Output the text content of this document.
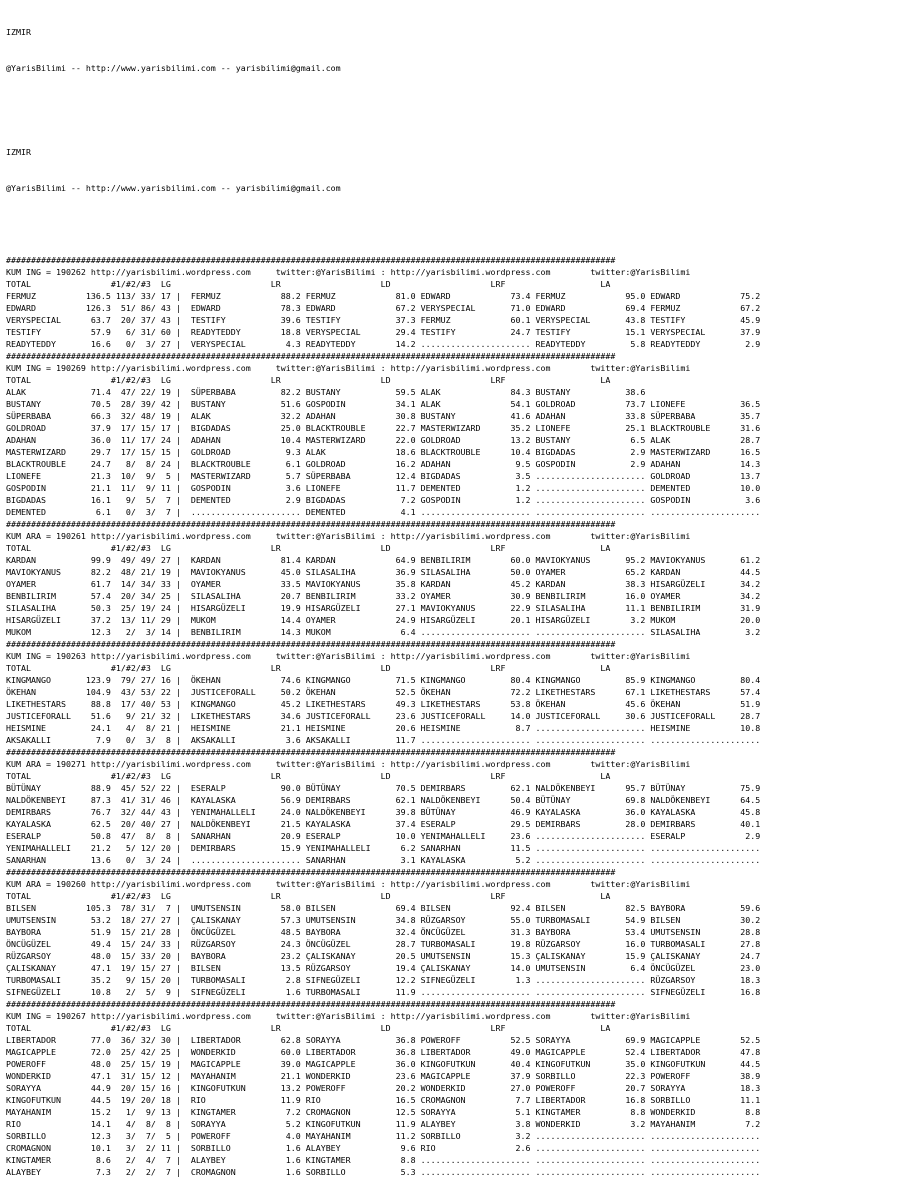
IZMIR

@YarisBilimi -- http://www.yarisbilimi.com -- yarisbilimi@gmail.com

IZMIR

@YarisBilimi -- http://www.yarisbilimi.com -- yarisbilimi@gmail.com

##########################################################################################################################
KUM ING = 190262 http://yarisbilimi.wordpress.com     twitter:@YarisBilimi : http://yarisbilimi.wordpress.com        twitter:@YarisBilimi
TOTAL                #1/#2/#3  LG                    LR                    LD                    LRF                   LA
FERMUZ          136.5 113/ 33/ 17 |  FERMUZ            88.2 FERMUZ            81.0 EDWARD            73.4 FERMUZ            95.0 EDWARD            75.2
EDWARD          126.3  51/ 86/ 43 |  EDWARD            78.3 EDWARD            67.2 VERYSPECIAL       71.0 EDWARD            69.4 FERMUZ            67.2
VERYSPECIAL      63.7  20/ 37/ 43 |  TESTIFY           39.6 TESTIFY           37.3 FERMUZ            60.1 VERYSPECIAL       43.8 TESTIFY           45.9
TESTIFY          57.9   6/ 31/ 60 |  READYTEDDY        18.8 VERYSPECIAL       29.4 TESTIFY           24.7 TESTIFY           15.1 VERYSPECIAL       37.9
READYTEDDY       16.6   0/  3/ 27 |  VERYSPECIAL        4.3 READYTEDDY        14.2 ...................... READYTEDDY         5.8 READYTEDDY         2.9
##########################################################################################################################
KUM ING = 190269 http://yarisbilimi.wordpress.com     twitter:@YarisBilimi : http://yarisbilimi.wordpress.com        twitter:@YarisBilimi
TOTAL                #1/#2/#3  LG                    LR                    LD                    LRF                   LA
ALAK             71.4  47/ 22/ 19 |  SÜPERBABA         82.2 BUSTANY           59.5 ALAK              84.3 BUSTANY           38.6
BUSTANY          70.5  28/ 39/ 42 |  BUSTANY           51.6 GOSPODIN          34.1 ALAK              54.1 GOLDROAD          73.7 LIONEFE           36.5
SÜPERBABA        66.3  32/ 48/ 19 |  ALAK              32.2 ADAHAN            30.8 BUSTANY           41.6 ADAHAN            33.8 SÜPERBABA         35.7
GOLDROAD         37.9  17/ 15/ 17 |  BIGDADAS          25.0 BLACKTROUBLE      22.7 MASTERWIZARD      35.2 LIONEFE           25.1 BLACKTROUBLE      31.6
ADAHAN           36.0  11/ 17/ 24 |  ADAHAN            10.4 MASTERWIZARD      22.0 GOLDROAD          13.2 BUSTANY            6.5 ALAK              28.7
MASTERWIZARD     29.7  17/ 15/ 15 |  GOLDROAD           9.3 ALAK              18.6 BLACKTROUBLE      10.4 BIGDADAS           2.9 MASTERWIZARD      16.5
BLACKTROUBLE     24.7   8/  8/ 24 |  BLACKTROUBLE       6.1 GOLDROAD          16.2 ADAHAN             9.5 GOSPODIN           2.9 ADAHAN            14.3
LIONEFE          21.3  10/  9/  5 |  MASTERWIZARD       5.7 SÜPERBABA         12.4 BIGDADAS           3.5 ...................... GOLDROAD          13.7
GOSPODIN         21.1  11/  9/ 11 |  GOSPODIN           3.6 LIONEFE           11.7 DEMENTED           1.2 ...................... DEMENTED          10.0
BIGDADAS         16.1   9/  5/  7 |  DEMENTED           2.9 BIGDADAS           7.2 GOSPODIN           1.2 ...................... GOSPODIN           3.6
DEMENTED          6.1   0/  3/  7 |  ...................... DEMENTED           4.1 ...................... ...................... ......................
##########################################################################################################################
KUM ARA = 190261 http://yarisbilimi.wordpress.com     twitter:@YarisBilimi : http://yarisbilimi.wordpress.com        twitter:@YarisBilimi
TOTAL                #1/#2/#3  LG                    LR                    LD                    LRF                   LA
KARDAN           99.9  49/ 49/ 27 |  KARDAN            81.4 KARDAN            64.9 BENBILIRIM        60.0 MAVIOKYANUS       95.2 MAVIOKYANUS       61.2
MAVIOKYANUS      82.2  48/ 21/ 19 |  MAVIOKYANUS       45.0 SILASALIHA        36.9 SILASALIHA        50.0 OYAMER            65.2 KARDAN            44.5
OYAMER           61.7  14/ 34/ 33 |  OYAMER            33.5 MAVIOKYANUS       35.8 KARDAN            45.2 KARDAN            38.3 HISARGÜZELI       34.2
BENBILIRIM       57.4  20/ 34/ 25 |  SILASALIHA        20.7 BENBILIRIM        33.2 OYAMER            30.9 BENBILIRIM        16.0 OYAMER            34.2
SILASALIHA       50.3  25/ 19/ 24 |  HISARGÜZELI       19.9 HISARGÜZELI       27.1 MAVIOKYANUS       22.9 SILASALIHA        11.1 BENBILIRIM        31.9
HISARGÜZELI      37.2  13/ 11/ 29 |  MUKOM             14.4 OYAMER            24.9 HISARGÜZELI       20.1 HISARGÜZELI        3.2 MUKOM             20.0
MUKOM            12.3   2/  3/ 14 |  BENBILIRIM        14.3 MUKOM              6.4 ...................... ...................... SILASALIHA         3.2
##########################################################################################################################
KUM ING = 190263 http://yarisbilimi.wordpress.com     twitter:@YarisBilimi : http://yarisbilimi.wordpress.com        twitter:@YarisBilimi
TOTAL                #1/#2/#3  LG                    LR                    LD                    LRF                   LA
KINGMANGO       123.9  79/ 27/ 16 |  ÖKEHAN            74.6 KINGMANGO         71.5 KINGMANGO         80.4 KINGMANGO         85.9 KINGMANGO         80.4
ÖKEHAN          104.9  43/ 53/ 22 |  JUSTICEFORALL     50.2 ÖKEHAN            52.5 ÖKEHAN            72.2 LIKETHESTARS      67.1 LIKETHESTARS      57.4
LIKETHESTARS     88.8  17/ 40/ 53 |  KINGMANGO         45.2 LIKETHESTARS      49.3 LIKETHESTARS      53.8 ÖKEHAN            45.6 ÖKEHAN            51.9
JUSTICEFORALL    51.6   9/ 21/ 32 |  LIKETHESTARS      34.6 JUSTICEFORALL     23.6 JUSTICEFORALL     14.0 JUSTICEFORALL     30.6 JUSTICEFORALL     28.7
HEISMINE         24.1   4/  8/ 21 |  HEISMINE          21.1 HEISMINE          20.6 HEISMINE           8.7 ...................... HEISMINE          10.8
AKSAKALLI         7.9   0/  3/  8 |  AKSAKALLI          3.6 AKSAKALLI         11.7 ...................... ...................... ......................
##########################################################################################################################
KUM ARA = 190271 http://yarisbilimi.wordpress.com     twitter:@YarisBilimi : http://yarisbilimi.wordpress.com        twitter:@YarisBilimi
TOTAL                #1/#2/#3  LG                    LR                    LD                    LRF                   LA
BÜTÜNAY          88.9  45/ 52/ 22 |  ESERALP           90.0 BÜTÜNAY           70.5 DEMIRBARS         62.1 NALDÖKENBEYI      95.7 BÜTÜNAY           75.9
NALDÖKENBEYI     87.3  41/ 31/ 46 |  KAYALASKA         56.9 DEMIRBARS         62.1 NALDÖKENBEYI      50.4 BÜTÜNAY           69.8 NALDÖKENBEYI      64.5
DEMIRBARS        76.7  32/ 44/ 43 |  YENIMAHALLELI     24.0 NALDÖKENBEYI      39.8 BÜTÜNAY           46.9 KAYALASKA         36.0 KAYALASKA         45.8
KAYALASKA        62.5  20/ 40/ 27 |  NALDÖKENBEYI      21.5 KAYALASKA         37.4 ESERALP           29.5 DEMIRBARS         28.0 DEMIRBARS         40.1
ESERALP          50.8  47/  8/  8 |  SANARHAN          20.9 ESERALP           10.0 YENIMAHALLELI     23.6 ...................... ESERALP            2.9
YENIMAHALLELI    21.2   5/ 12/ 20 |  DEMIRBARS         15.9 YENIMAHALLELI      6.2 SANARHAN          11.5 ...................... ......................
SANARHAN         13.6   0/  3/ 24 |  ...................... SANARHAN           3.1 KAYALASKA          5.2 ...................... ......................
##########################################################################################################################
KUM ARA = 190260 http://yarisbilimi.wordpress.com     twitter:@YarisBilimi : http://yarisbilimi.wordpress.com        twitter:@YarisBilimi
TOTAL                #1/#2/#3  LG                    LR                    LD                    LRF                   LA
BILSEN          105.3  78/ 31/  7 |  UMUTSENSIN        58.0 BILSEN            69.4 BILSEN            92.4 BILSEN            82.5 BAYBORA           59.6
UMUTSENSIN       53.2  18/ 27/ 27 |  ÇALISKANAY        57.3 UMUTSENSIN        34.8 RÜZGARSOY         55.0 TURBOMASALI       54.9 BILSEN            30.2
BAYBORA          51.9  15/ 21/ 28 |  ÖNCÜGÜZEL         48.5 BAYBORA           32.4 ÖNCÜGÜZEL         31.3 BAYBORA           53.4 UMUTSENSIN        28.8
ÖNCÜGÜZEL        49.4  15/ 24/ 33 |  RÜZGARSOY         24.3 ÖNCÜGÜZEL         28.7 TURBOMASALI       19.8 RÜZGARSOY         16.0 TURBOMASALI       27.8
RÜZGARSOY        48.0  15/ 33/ 20 |  BAYBORA           23.2 ÇALISKANAY        20.5 UMUTSENSIN        15.3 ÇALISKANAY        15.9 ÇALISKANAY        24.7
ÇALISKANAY       47.1  19/ 15/ 27 |  BILSEN            13.5 RÜZGARSOY         19.4 ÇALISKANAY        14.0 UMUTSENSIN         6.4 ÖNCÜGÜZEL         23.0
TURBOMASALI      35.2   9/ 15/ 20 |  TURBOMASALI        2.8 SIFNEGÜZELI       12.2 SIFNEGÜZELI        1.3 ...................... RÜZGARSOY         18.3
SIFNEGÜZELI      10.8   2/  5/  9 |  SIFNEGÜZELI        1.6 TURBOMASALI       11.9 ...................... ...................... SIFNEGÜZELI       16.8
##########################################################################################################################
KUM ING = 190267 http://yarisbilimi.wordpress.com     twitter:@YarisBilimi : http://yarisbilimi.wordpress.com        twitter:@YarisBilimi
TOTAL                #1/#2/#3  LG                    LR                    LD                    LRF                   LA
LIBERTADOR       77.0  36/ 32/ 30 |  LIBERTADOR        62.8 SORAYYA           36.8 POWEROFF          52.5 SORAYYA           69.9 MAGICAPPLE        52.5
MAGICAPPLE       72.0  25/ 42/ 25 |  WONDERKID         60.0 LIBERTADOR        36.8 LIBERTADOR        49.0 MAGICAPPLE        52.4 LIBERTADOR        47.8
POWEROFF         48.0  25/ 15/ 19 |  MAGICAPPLE        39.0 MAGICAPPLE        36.0 KINGOFUTKUN       40.4 KINGOFUTKUN       35.0 KINGOFUTKUN       44.5
WONDERKID        47.1  31/ 15/ 12 |  MAYAHANIM         21.1 WONDERKID         23.6 MAGICAPPLE        37.9 SORBILLO          22.3 POWEROFF          38.9
SORAYYA          44.9  20/ 15/ 16 |  KINGOFUTKUN       13.2 POWEROFF          20.2 WONDERKID         27.0 POWEROFF          20.7 SORAYYA           18.3
KINGOFUTKUN      44.5  19/ 20/ 18 |  RIO               11.9 RIO               16.5 CROMAGNON          7.7 LIBERTADOR        16.8 SORBILLO          11.1
MAYAHANIM        15.2   1/  9/ 13 |  KINGTAMER          7.2 CROMAGNON         12.5 SORAYYA            5.1 KINGTAMER          8.8 WONDERKID          8.8
RIO              14.1   4/  8/  8 |  SORAYYA            5.2 KINGOFUTKUN       11.9 ALAYBEY            3.8 WONDERKID          3.2 MAYAHANIM          7.2
SORBILLO         12.3   3/  7/  5 |  POWEROFF           4.0 MAYAHANIM         11.2 SORBILLO           3.2 ...................... ......................
CROMAGNON        10.1   3/  2/ 11 |  SORBILLO           1.6 ALAYBEY            9.6 RIO                2.6 ...................... ......................
KINGTAMER         8.6   2/  4/  7 |  ALAYBEY            1.6 KINGTAMER          8.8 ...................... ...................... ......................
ALAYBEY           7.3   2/  2/  7 |  CROMAGNON          1.6 SORBILLO           5.3 ...................... ...................... ......................
